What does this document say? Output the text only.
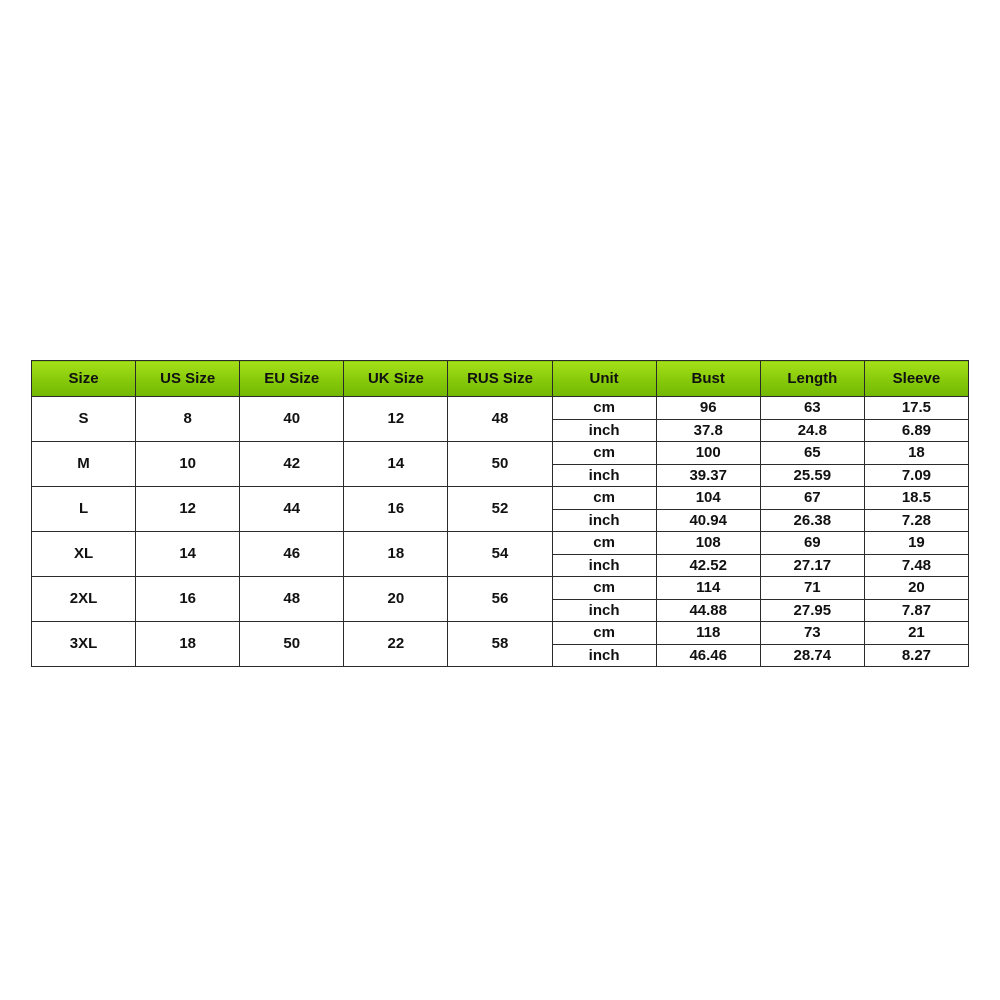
Size	US Size	EU Size	UK Size	RUS Size	Unit	Bust	Length	Sleeve
S	8	40	12	48	cm	96	63	17.5
					inch	37.8	24.8	6.89
M	10	42	14	50	cm	100	65	18
					inch	39.37	25.59	7.09
L	12	44	16	52	cm	104	67	18.5
					inch	40.94	26.38	7.28
XL	14	46	18	54	cm	108	69	19
					inch	42.52	27.17	7.48
2XL	16	48	20	56	cm	114	71	20
					inch	44.88	27.95	7.87
3XL	18	50	22	58	cm	118	73	21
					inch	46.46	28.74	8.27
